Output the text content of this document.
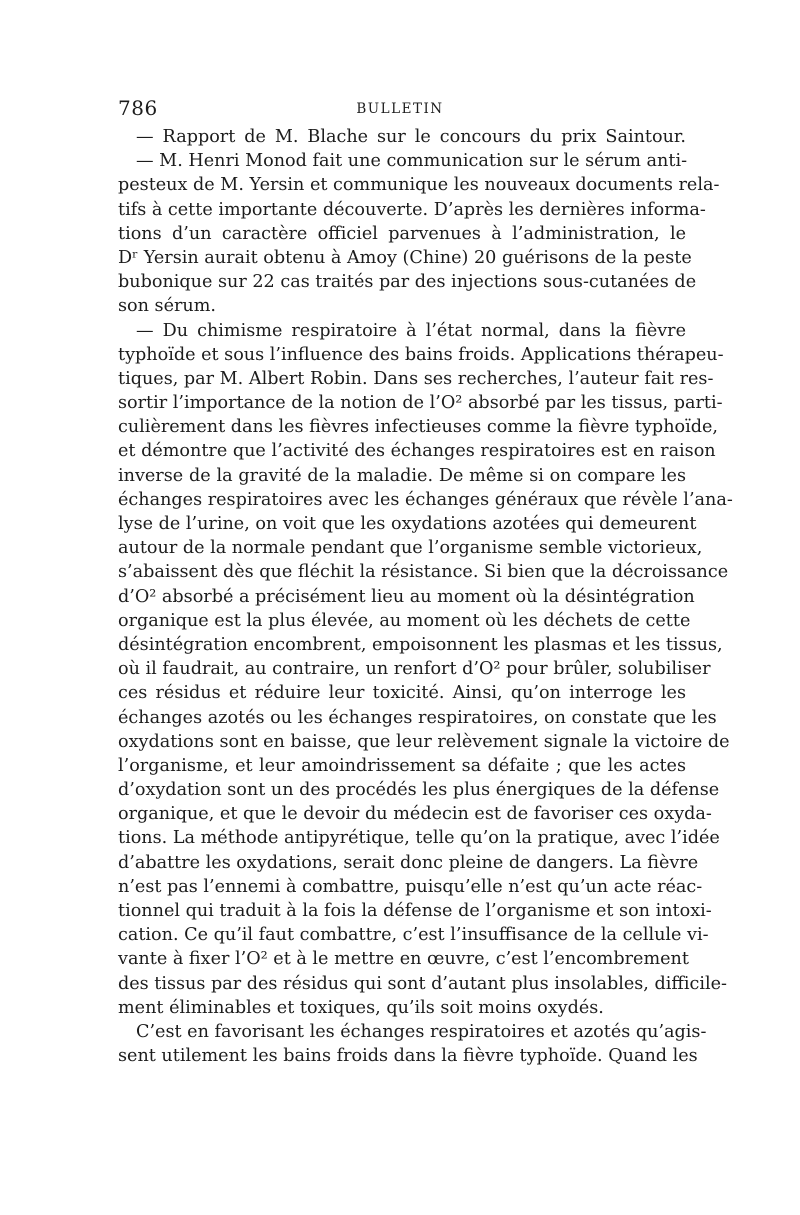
786	BULLETIN
— Rapport de M. Blache sur le concours du prix Saintour.
— M. Henri Monod fait une communication sur le sérum anti-
pesteux de M. Yersin et communique les nouveaux documents rela-
tifs à cette importante découverte. D’après les dernières informa-
tions d’un caractère officiel parvenues à l’administration, le
Dʳ Yersin aurait obtenu à Amoy (Chine) 20 guérisons de la peste
bubonique sur 22 cas traités par des injections sous-cutanées de
son sérum.
— Du chimisme respiratoire à l’état normal, dans la fièvre
typhoïde et sous l’influence des bains froids. Applications thérapeu-
tiques, par M. Albert Robin. Dans ses recherches, l’auteur fait res-
sortir l’importance de la notion de l’O² absorbé par les tissus, parti-
culièrement dans les fièvres infectieuses comme la fièvre typhoïde,
et démontre que l’activité des échanges respiratoires est en raison
inverse de la gravité de la maladie. De même si on compare les
échanges respiratoires avec les échanges généraux que révèle l’ana-
lyse de l’urine, on voit que les oxydations azotées qui demeurent
autour de la normale pendant que l’organisme semble victorieux,
s’abaissent dès que fléchit la résistance. Si bien que la décroissance
d’O² absorbé a précisément lieu au moment où la désintégration
organique est la plus élevée, au moment où les déchets de cette
désintégration encombrent, empoisonnent les plasmas et les tissus,
où il faudrait, au contraire, un renfort d’O² pour brûler, solubiliser
ces résidus et réduire leur toxicité. Ainsi, qu’on interroge les
échanges azotés ou les échanges respiratoires, on constate que les
oxydations sont en baisse, que leur relèvement signale la victoire de
l’organisme, et leur amoindrissement sa défaite ; que les actes
d’oxydation sont un des procédés les plus énergiques de la défense
organique, et que le devoir du médecin est de favoriser ces oxyda-
tions. La méthode antipyrétique, telle qu’on la pratique, avec l’idée
d’abattre les oxydations, serait donc pleine de dangers. La fièvre
n’est pas l’ennemi à combattre, puisqu’elle n’est qu’un acte réac-
tionnel qui traduit à la fois la défense de l’organisme et son intoxi-
cation. Ce qu’il faut combattre, c’est l’insuffisance de la cellule vi-
vante à fixer l’O² et à le mettre en œuvre, c’est l’encombrement
des tissus par des résidus qui sont d’autant plus insolables, difficile-
ment éliminables et toxiques, qu’ils soit moins oxydés.
C’est en favorisant les échanges respiratoires et azotés qu’agis-
sent utilement les bains froids dans la fièvre typhoïde. Quand les
